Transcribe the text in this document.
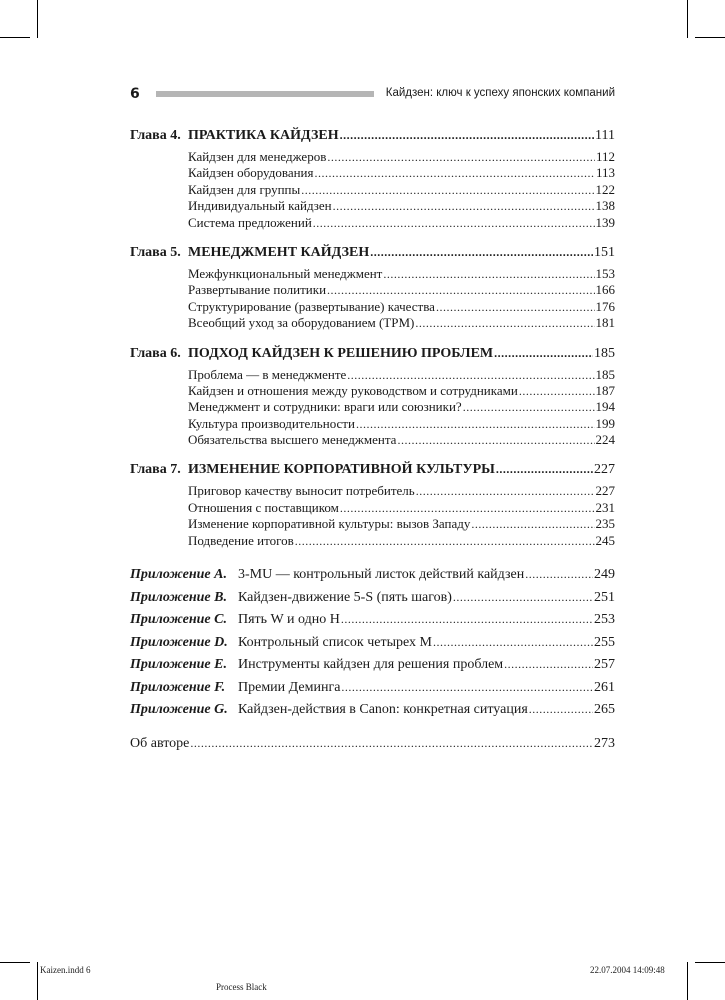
6	Кайдзен: ключ к успеху японских компаний
Глава 4. ПРАКТИКА КАЙДЗЕН .....	111
Кайдзен для менеджеров .....	112
Кайдзен оборудования .....	113
Кайдзен для группы .....	122
Индивидуальный кайдзен .....	138
Система предложений .....	139
Глава 5. МЕНЕДЖМЕНТ КАЙДЗЕН .....	151
Межфункциональный менеджмент .....	153
Развертывание политики .....	166
Структурирование (развертывание) качества .....	176
Всеобщий уход за оборудованием (TPM) .....	181
Глава 6. ПОДХОД КАЙДЗЕН К РЕШЕНИЮ ПРОБЛЕМ .....	185
Проблема — в менеджменте .....	185
Кайдзен и отношения между руководством и сотрудниками .....	187
Менеджмент и сотрудники: враги или союзники? .....	194
Культура производительности .....	199
Обязательства высшего менеджмента .....	224
Глава 7. ИЗМЕНЕНИЕ КОРПОРАТИВНОЙ КУЛЬТУРЫ .....	227
Приговор качеству выносит потребитель .....	227
Отношения с поставщиком .....	231
Изменение корпоративной культуры: вызов Западу .....	235
Подведение итогов .....	245
Приложение A. 3-MU — контрольный листок действий кайдзен .....	249
Приложение B. Кайдзен-движение 5-S (пять шагов) .....	251
Приложение C. Пять W и одно H .....	253
Приложение D. Контрольный список четырех М .....	255
Приложение E. Инструменты кайдзен для решения проблем .....	257
Приложение F. Премии Деминга .....	261
Приложение G. Кайдзен-действия в Canon: конкретная ситуация .....	265
Об авторе .....	273
Kaizen.indd 6
Process Black
22.07.2004 14:09:48
